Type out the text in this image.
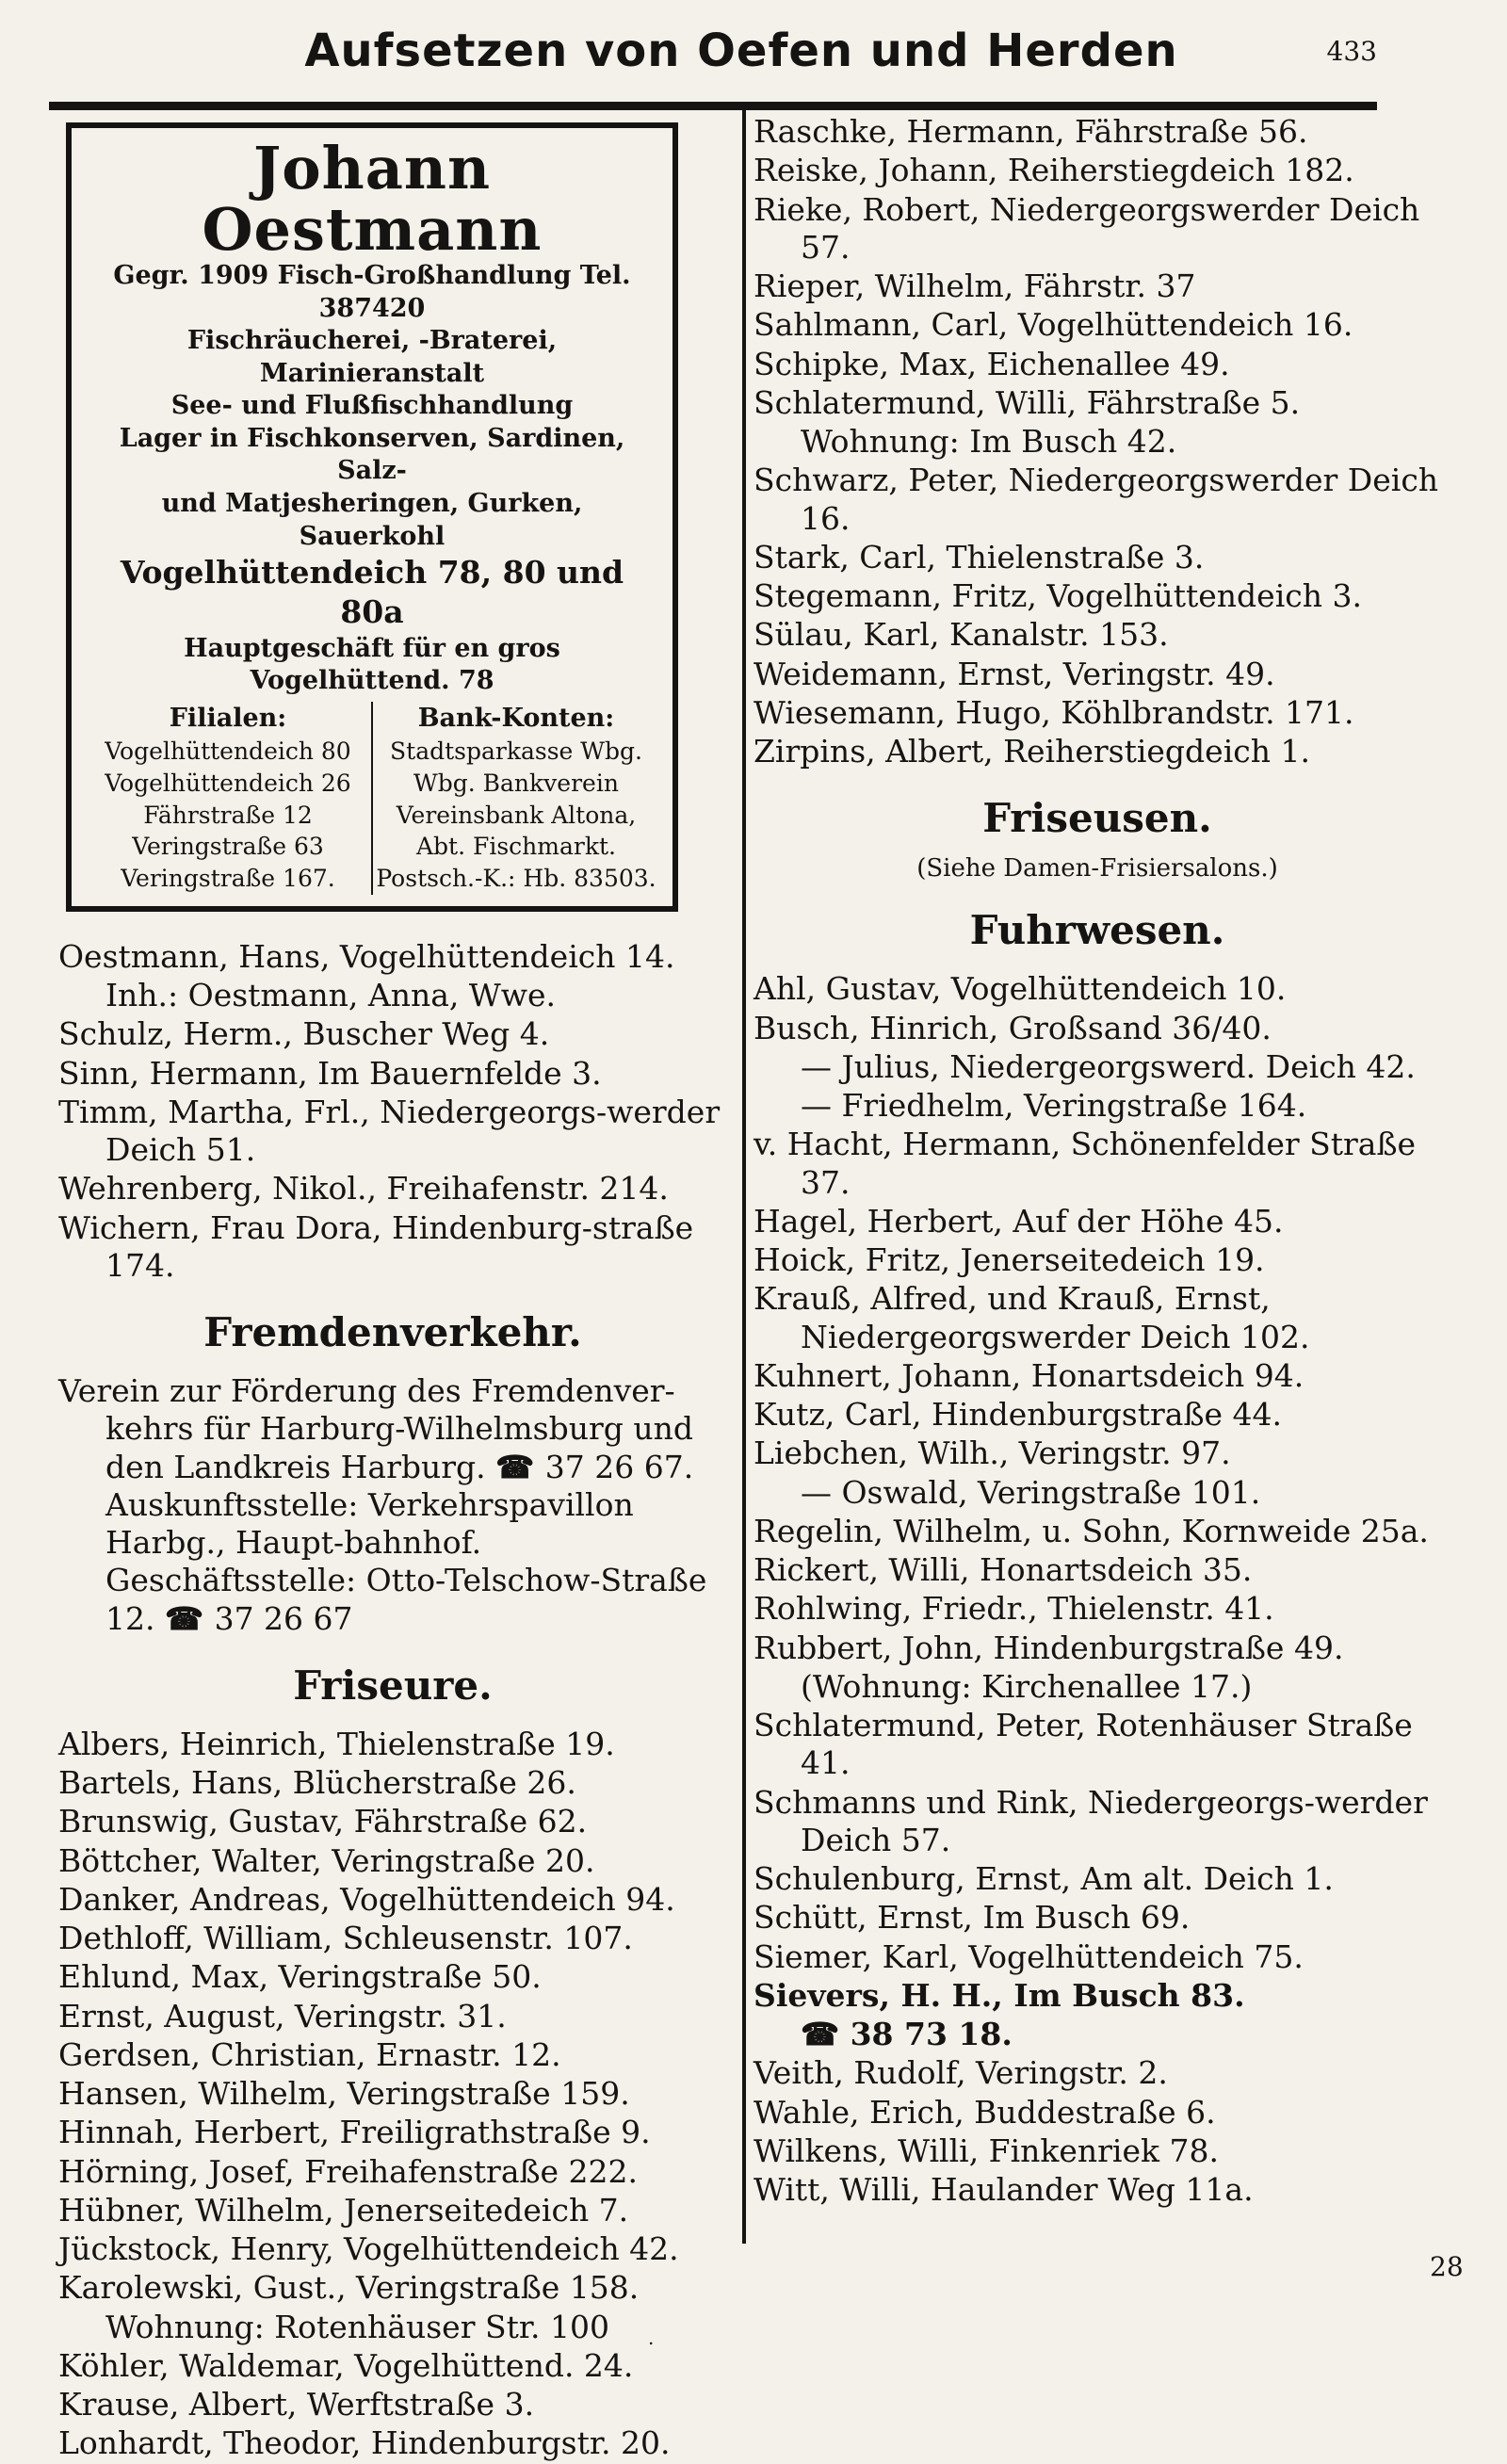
Aufsetzen von Oefen und Herden	433
Johann Oestmann
Gegr. 1909 Fisch-Großhandlung Tel. 387420
Fischräucherei, -Braterei, Marinieranstalt
See- und Flußfischhandlung
Lager in Fischkonserven, Sardinen, Salz-
und Matjesheringen, Gurken, Sauerkohl
Vogelhüttendeich 78, 80 und 80a
Hauptgeschäft für en gros Vogelhüttend. 78
Filialen:
Vogelhüttendeich 80
Vogelhüttendeich 26
Fährstraße 12
Veringstraße 63
Veringstraße 167.
Bank-Konten:
Stadtsparkasse Wbg.
Wbg. Bankverein
Vereinsbank Altona,
Abt. Fischmarkt.
Postsch.-K.: Hb. 83503.

Oestmann, Hans, Vogelhüttendeich 14.

Inh.: Oestmann, Anna, Wwe.

Schulz, Herm., Buscher Weg 4.

Sinn, Hermann, Im Bauernfelde 3.

Timm, Martha, Frl., Niedergeorgs-werder Deich 51.

Wehrenberg, Nikol., Freihafenstr. 214.

Wichern, Frau Dora, Hindenburg-straße 174.

Fremdenverkehr.

Verein zur Förderung des Fremdenver-kehrs für Harburg-Wilhelmsburg und den Landkreis Harburg. ☎ 37 26 67. Auskunftsstelle: Verkehrspavillon Harbg., Haupt-bahnhof. Geschäftsstelle: Otto-Telschow-Straße 12. ☎ 37 26 67

Friseure.

Albers, Heinrich, Thielenstraße 19.

Bartels, Hans, Blücherstraße 26.

Brunswig, Gustav, Fährstraße 62.

Böttcher, Walter, Veringstraße 20.

Danker, Andreas, Vogelhüttendeich 94.

Dethloff, William, Schleusenstr. 107.

Ehlund, Max, Veringstraße 50.

Ernst, August, Veringstr. 31.

Gerdsen, Christian, Ernastr. 12.

Hansen, Wilhelm, Veringstraße 159.

Hinnah, Herbert, Freiligrathstraße 9.

Hörning, Josef, Freihafenstraße 222.

Hübner, Wilhelm, Jenerseitedeich 7.

Jückstock, Henry, Vogelhüttendeich 42.

Karolewski, Gust., Veringstraße 158.

Wohnung: Rotenhäuser Str. 100

Köhler, Waldemar, Vogelhüttend. 24.

Krause, Albert, Werftstraße 3.

Lonhardt, Theodor, Hindenburgstr. 20.

Raschke, Hermann, Fährstraße 56.

Reiske, Johann, Reiherstiegdeich 182.

Rieke, Robert, Niedergeorgswerder Deich 57.

Rieper, Wilhelm, Fährstr. 37

Sahlmann, Carl, Vogelhüttendeich 16.

Schipke, Max, Eichenallee 49.

Schlatermund, Willi, Fährstraße 5.

Wohnung: Im Busch 42.

Schwarz, Peter, Niedergeorgswerder Deich 16.

Stark, Carl, Thielenstraße 3.

Stegemann, Fritz, Vogelhüttendeich 3.

Sülau, Karl, Kanalstr. 153.

Weidemann, Ernst, Veringstr. 49.

Wiesemann, Hugo, Köhlbrandstr. 171.

Zirpins, Albert, Reiherstiegdeich 1.

Friseusen.
(Siehe Damen-Frisiersalons.)
Fuhrwesen.

Ahl, Gustav, Vogelhüttendeich 10.

Busch, Hinrich, Großsand 36/40.

— Julius, Niedergeorgswerd. Deich 42.

— Friedhelm, Veringstraße 164.

v. Hacht, Hermann, Schönenfelder Straße 37.

Hagel, Herbert, Auf der Höhe 45.

Hoick, Fritz, Jenerseitedeich 19.

Krauß, Alfred, und Krauß, Ernst, Niedergeorgswerder Deich 102.

Kuhnert, Johann, Honartsdeich 94.

Kutz, Carl, Hindenburgstraße 44.

Liebchen, Wilh., Veringstr. 97.

— Oswald, Veringstraße 101.

Regelin, Wilhelm, u. Sohn, Kornweide 25a.

Rickert, Willi, Honartsdeich 35.

Rohlwing, Friedr., Thielenstr. 41.

Rubbert, John, Hindenburgstraße 49.

(Wohnung: Kirchenallee 17.)

Schlatermund, Peter, Rotenhäuser Straße 41.

Schmanns und Rink, Niedergeorgs-werder Deich 57.

Schulenburg, Ernst, Am alt. Deich 1.

Schütt, Ernst, Im Busch 69.

Siemer, Karl, Vogelhüttendeich 75.

Sievers, H. H., Im Busch 83.

☎ 38 73 18.

Veith, Rudolf, Veringstr. 2.

Wahle, Erich, Buddestraße 6.

Wilkens, Willi, Finkenriek 78.

Witt, Willi, Haulander Weg 11a.

28
.
